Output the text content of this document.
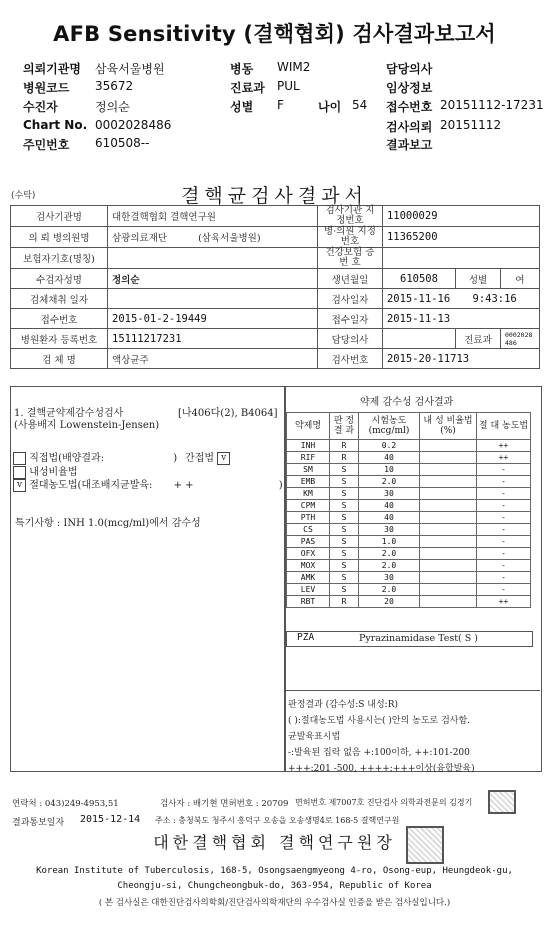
AFB Sensitivity (결핵협회) 검사결과보고서
의뢰기관명 삼육서울병원	병동 WIM2	담당의사
병원코드 35672	진료과 PUL	임상정보
수진자	정의순	성별 F	나이 54 접수번호 20151112-17231
Chart No. 0002028486	검사의뢰 20151112
주민번호 610508--	결과보고
(수탁)	결핵균검사결과서
검사기관명	대한결핵협회 결핵연구원	검사기관 지정번호	11000029		
의 뢰 병의원명	삼광의료재단 (삼육서울병원)	병·의원 지정번호	11365200		
보험자기호(명칭)		건강보험 증 번 호			
수검자성명	정의순	생년월일	610508	성별	여
검체채취 일자		검사일자	2015-11-16 9:43:16		
접수번호	2015-01-2-19449	접수일자	2015-11-13		
병원환자 등록번호	15111217231	담당의사		진료과	0002028486
검 체 명	액상균주	검사번호	2015-20-11713		
1. 결핵균약제감수성검사	[나406다(2), B4064]
(사용배지 Lowenstein-Jensen)
직접법(배양결과:	) 간접법 v
내성비율법
v 절대농도법(대조배지균발육: + +	)
특기사항 : INH 1.0(mcg/ml)에서 감수성
약제 감수성 검사결과
약제명	판 정 결 과	시험농도 (mcg/ml)	내 성 비율법(%)	절 대 농도법
INH	R	0.2		++
RIF	R	40		++
SM	S	10		-
EMB	S	2.0		-
KM	S	30		-
CPM	S	40		-
PTH	S	40		-
CS	S	30		-
PAS	S	1.0		-
OFX	S	2.0		-
MOX	S	2.0		-
AMK	S	30		-
LEV	S	2.0		-
RBT	R	20		++
PZA	Pyrazinamidase Test( S )
판정결과 (감수성:S 내성:R)
( ):절대농도법 사용시는( )안의 농도로 검사함.
균발육표시법
-:발육된 집락 없음 +:100이하, ++:101-200
+++:201 -500, ++++:+++이상(융합발육)
연락처 : 043)249-4953,51	검사자 : 배기현 면허번호 : 20709 면허번호 제7007호 진단검사 의학과전문의 김경기
결과통보일자 2015-12-14 주소 : 충청북도 청주시 흥덕구 오송읍 오송생명4로 168-5 결핵연구원
대한결핵협회 결핵연구원장
Korean Institute of Tuberculosis, 168-5, Osongsaengmyeong 4-ro, Osong-eup, Heungdeok-gu,
Cheongju-si, Chungcheongbuk-do, 363-954, Republic of Korea
( 본 검사실은 대한진단검사의학회/진단검사의학재단의 우수검사실 인증을 받은 검사실입니다.)
